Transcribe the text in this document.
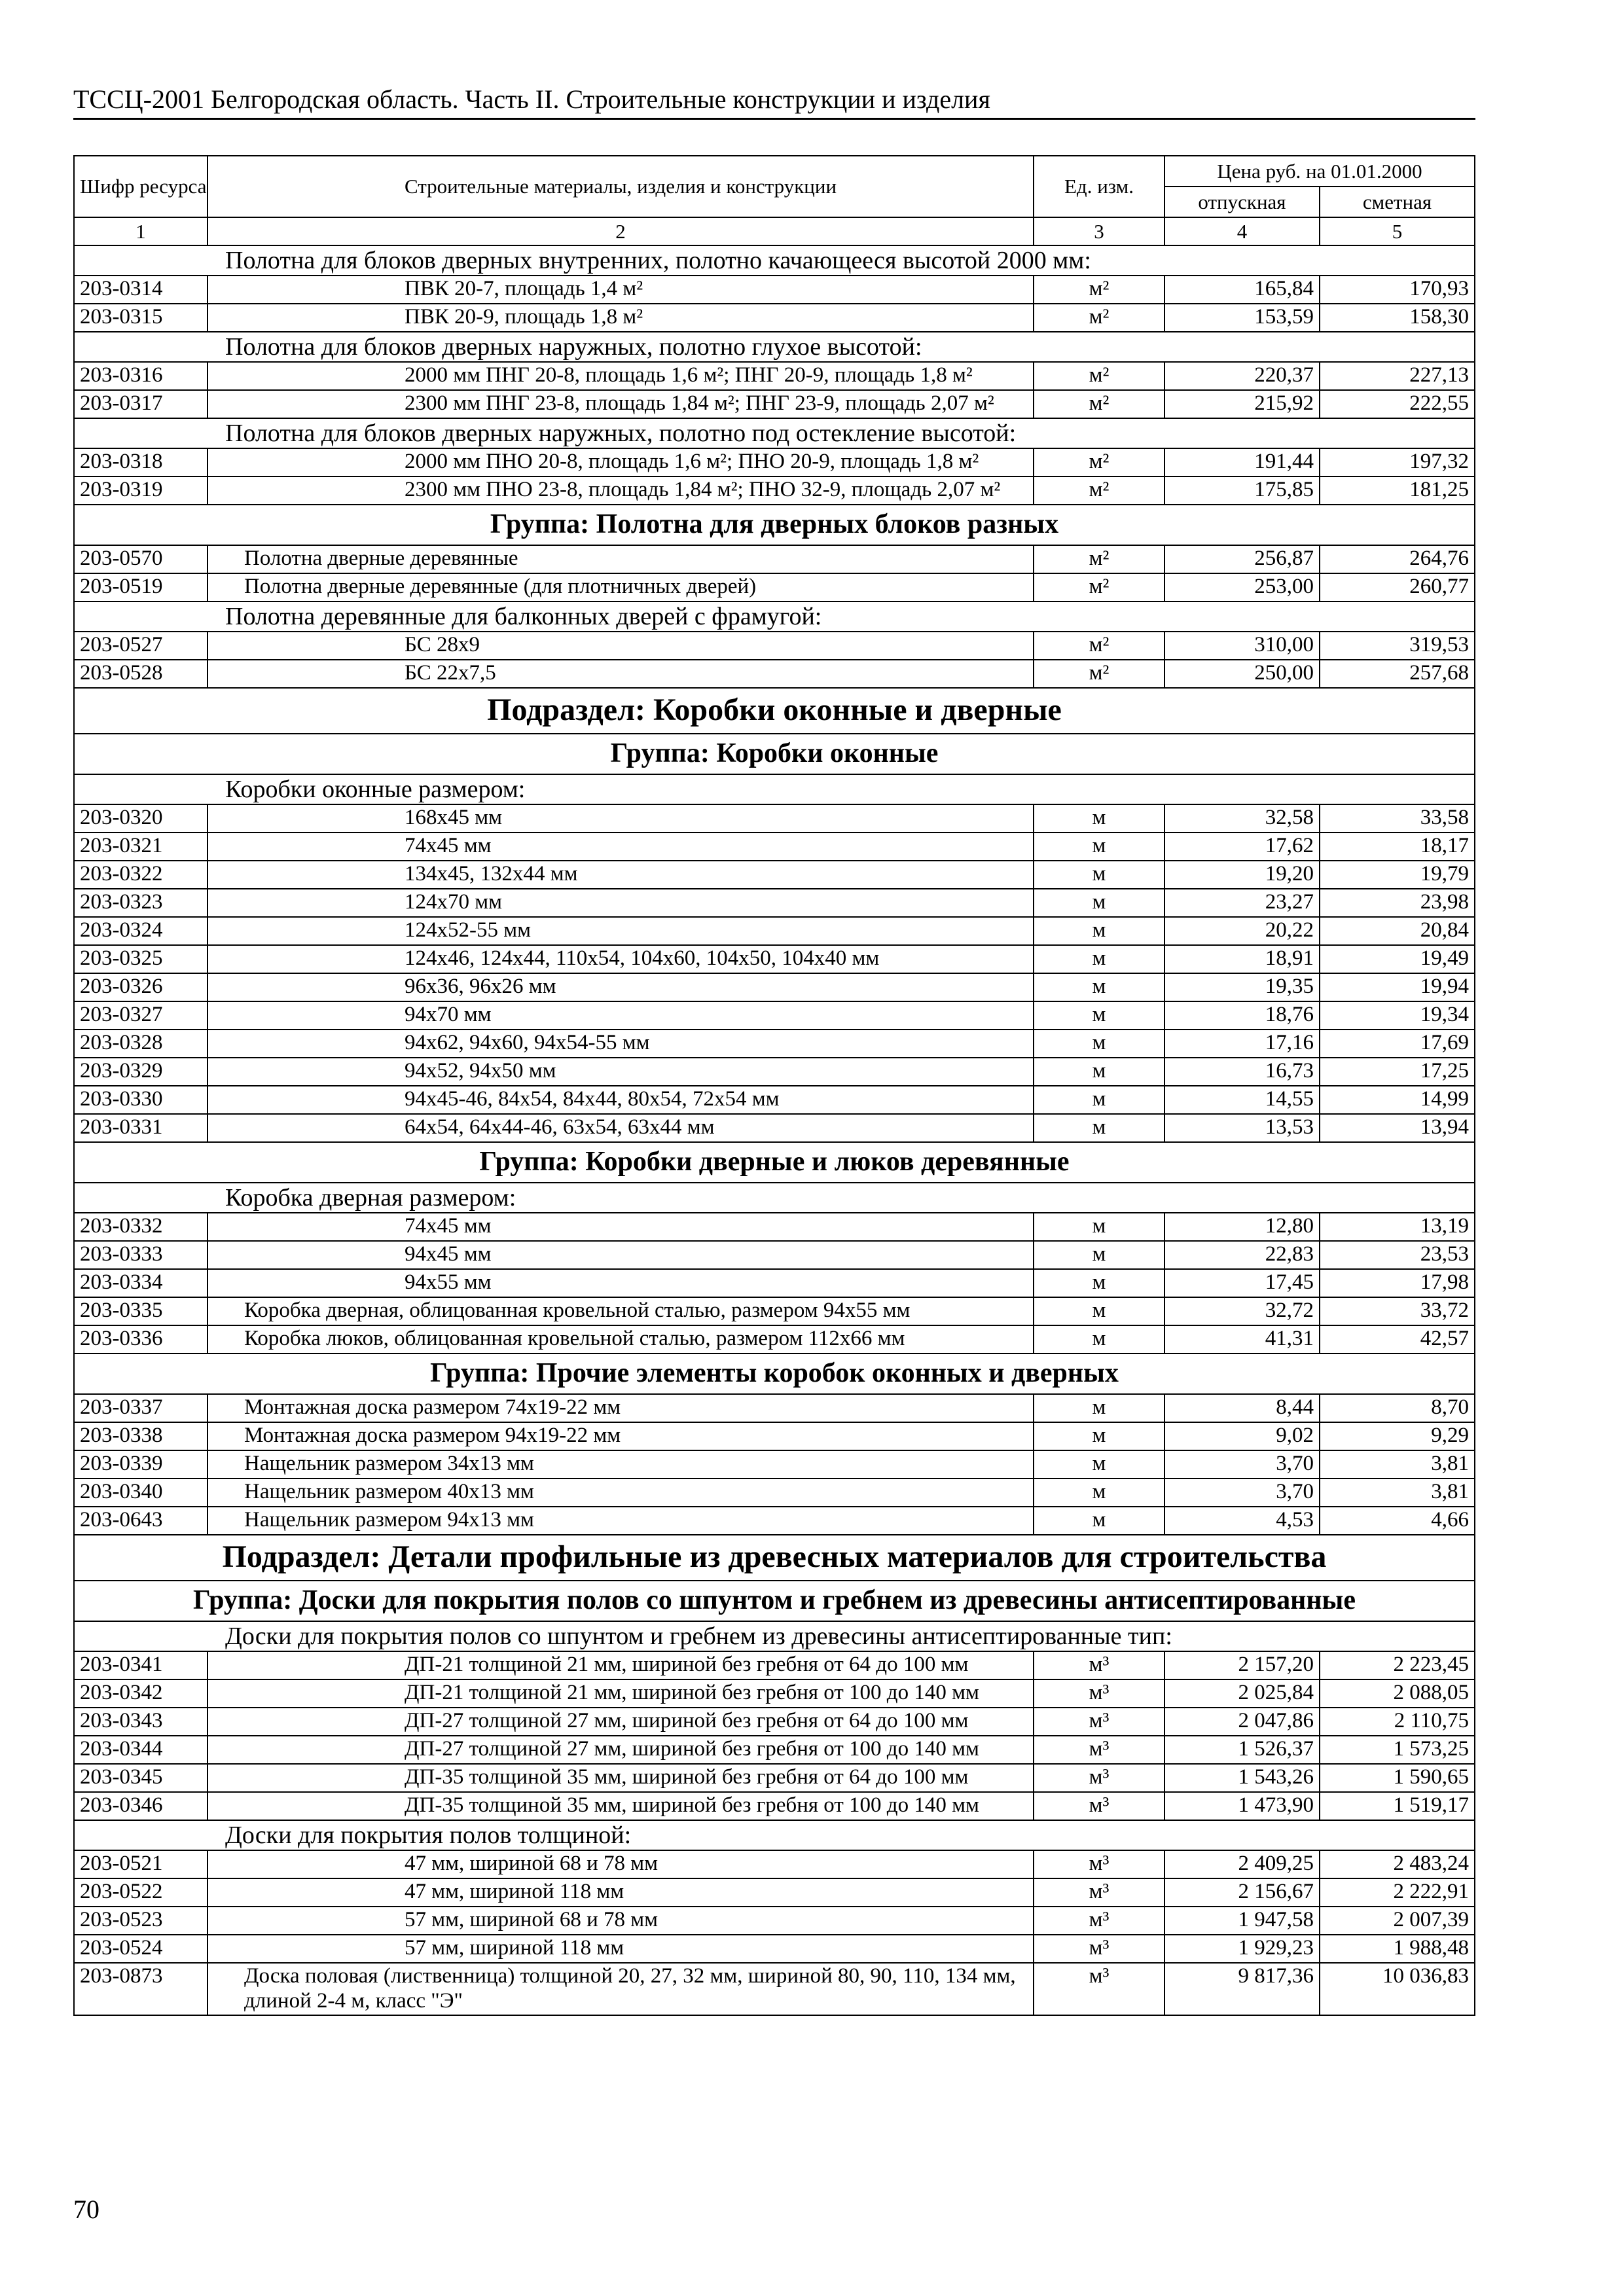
ТССЦ-2001 Белгородская область. Часть II. Строительные конструкции и изделия
Шифр ресурса	Строительные материалы, изделия и конструкции	Ед. изм.	Цена руб. на 01.01.2000	
			отпускная	сметная
1	2	3	4	5
Полотна для блоков дверных внутренних, полотно качающееся высотой 2000 мм:				
203-0314	ПВК 20-7, площадь 1,4 м²	м²	165,84	170,93
203-0315	ПВК 20-9, площадь 1,8 м²	м²	153,59	158,30
Полотна для блоков дверных наружных, полотно глухое высотой:				
203-0316	2000 мм ПНГ 20-8, площадь 1,6 м²; ПНГ 20-9, площадь 1,8 м²	м²	220,37	227,13
203-0317	2300 мм ПНГ 23-8, площадь 1,84 м²; ПНГ 23-9, площадь 2,07 м²	м²	215,92	222,55
Полотна для блоков дверных наружных, полотно под остекление высотой:				
203-0318	2000 мм ПНО 20-8, площадь 1,6 м²; ПНО 20-9, площадь 1,8 м²	м²	191,44	197,32
203-0319	2300 мм ПНО 23-8, площадь 1,84 м²; ПНО 32-9, площадь 2,07 м²	м²	175,85	181,25
Группа: Полотна для дверных блоков разных				
203-0570	Полотна дверные деревянные	м²	256,87	264,76
203-0519	Полотна дверные деревянные (для плотничных дверей)	м²	253,00	260,77
Полотна деревянные для балконных дверей с фрамугой:				
203-0527	БС 28х9	м²	310,00	319,53
203-0528	БС 22х7,5	м²	250,00	257,68
Подраздел: Коробки оконные и дверные				
Группа: Коробки оконные				
Коробки оконные размером:				
203-0320	168х45 мм	м	32,58	33,58
203-0321	74х45 мм	м	17,62	18,17
203-0322	134х45, 132х44 мм	м	19,20	19,79
203-0323	124х70 мм	м	23,27	23,98
203-0324	124х52-55 мм	м	20,22	20,84
203-0325	124х46, 124х44, 110х54, 104х60, 104х50, 104х40 мм	м	18,91	19,49
203-0326	96х36, 96х26 мм	м	19,35	19,94
203-0327	94х70 мм	м	18,76	19,34
203-0328	94х62, 94х60, 94х54-55 мм	м	17,16	17,69
203-0329	94х52, 94х50 мм	м	16,73	17,25
203-0330	94х45-46, 84х54, 84х44, 80х54, 72х54 мм	м	14,55	14,99
203-0331	64х54, 64х44-46, 63х54, 63х44 мм	м	13,53	13,94
Группа: Коробки дверные и люков деревянные				
Коробка дверная размером:				
203-0332	74х45 мм	м	12,80	13,19
203-0333	94х45 мм	м	22,83	23,53
203-0334	94х55 мм	м	17,45	17,98
203-0335	Коробка дверная, облицованная кровельной сталью, размером 94х55 мм	м	32,72	33,72
203-0336	Коробка люков, облицованная кровельной сталью, размером 112х66 мм	м	41,31	42,57
Группа: Прочие элементы коробок оконных и дверных				
203-0337	Монтажная доска размером 74х19-22 мм	м	8,44	8,70
203-0338	Монтажная доска размером 94х19-22 мм	м	9,02	9,29
203-0339	Нащельник размером 34х13 мм	м	3,70	3,81
203-0340	Нащельник размером 40х13 мм	м	3,70	3,81
203-0643	Нащельник размером 94х13 мм	м	4,53	4,66
Подраздел: Детали профильные из древесных материалов для строительства				
Группа: Доски для покрытия полов со шпунтом и гребнем из древесины антисептированные				
Доски для покрытия полов со шпунтом и гребнем из древесины антисептированные тип:				
203-0341	ДП-21 толщиной 21 мм, шириной без гребня от 64 до 100 мм	м³	2 157,20	2 223,45
203-0342	ДП-21 толщиной 21 мм, шириной без гребня от 100 до 140 мм	м³	2 025,84	2 088,05
203-0343	ДП-27 толщиной 27 мм, шириной без гребня от 64 до 100 мм	м³	2 047,86	2 110,75
203-0344	ДП-27 толщиной 27 мм, шириной без гребня от 100 до 140 мм	м³	1 526,37	1 573,25
203-0345	ДП-35 толщиной 35 мм, шириной без гребня от 64 до 100 мм	м³	1 543,26	1 590,65
203-0346	ДП-35 толщиной 35 мм, шириной без гребня от 100 до 140 мм	м³	1 473,90	1 519,17
Доски для покрытия полов толщиной:				
203-0521	47 мм, шириной 68 и 78 мм	м³	2 409,25	2 483,24
203-0522	47 мм, шириной 118 мм	м³	2 156,67	2 222,91
203-0523	57 мм, шириной 68 и 78 мм	м³	1 947,58	2 007,39
203-0524	57 мм, шириной 118 мм	м³	1 929,23	1 988,48
203-0873	Доска половая (лиственница) толщиной 20, 27, 32 мм, шириной 80, 90, 110, 134 мм, длиной 2-4 м, класс "Э"	м³	9 817,36	10 036,83
70
